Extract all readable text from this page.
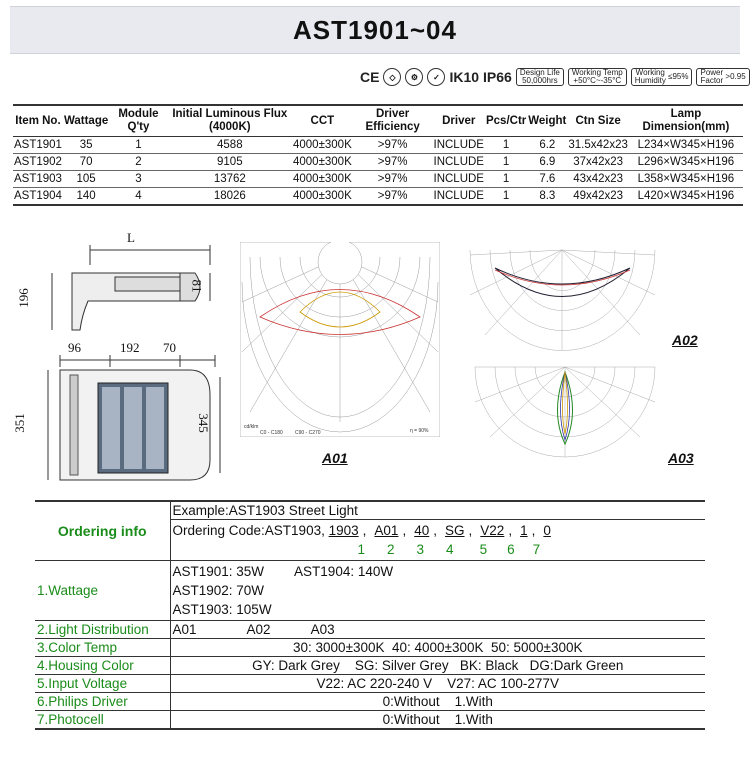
AST1901~04
CE	◇	⚙	✓ IK10 IP66	Design Life
50,000hrs
Working Temp
+50°C~-35°C
Working
Humidity
≤95% Power
Factor
>0.95
Item No.	Wattage	Module Q'ty	Initial Luminous Flux (4000K)	CCT	Driver Efficiency	Driver	Pcs/Ctr	Weight	Ctn Size	Lamp Dimension(mm)
AST1901	35	1	4588	4000±300K	>97%	INCLUDE	1	6.2	31.5x42x23	L234×W345×H196
AST1902	70	2	9105	4000±300K	>97%	INCLUDE	1	6.9	37x42x23	L296×W345×H196
AST1903	105	3	13762	4000±300K	>97%	INCLUDE	1	7.6	43x42x23	L358×W345×H196
AST1904	140	4	18026	4000±300K	>97%	INCLUDE	1	8.3	49x42x23	L420×W345×H196
L
196
81
96	192 70
351	345	cd/klm
C0 - C180 C90 - C270	η = 90%
A01
A02
A03
Ordering info	Example:AST1903 Street Light

	Ordering Code:AST1903, 1903 , A01 , 40 , SG , V22 , 1 , 0
1 2 3 4 5 6 7

1.Wattage	AST1901: 35W AST1904: 140W
AST1902: 70W
AST1903: 105W

2.Light Distribution	A01 A02 A03
3.Color Temp	30: 3000±300K  40: 4000±300K  50: 5000±300K
4.Housing Color	GY: Dark Grey    SG: Silver Grey   BK: Black   DG:Dark Green
5.Input Voltage	V22: AC 220-240 V    V27: AC 100-277V
6.Philips Driver	0:Without    1.With
7.Photocell	0:Without    1.With
